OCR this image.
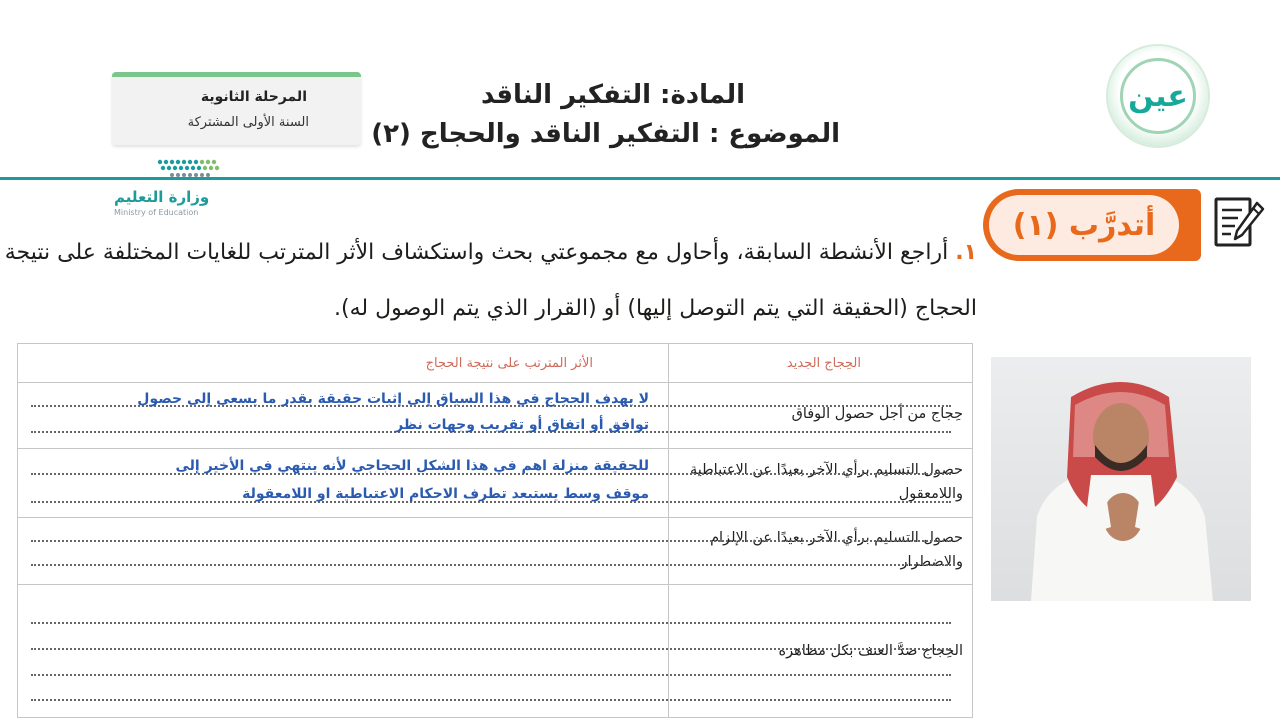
المرحلة الثانوية
السنة الأولى المشتركة
وزارة التعليم
Ministry of Education
المادة: التفكير الناقد
الموضوع : التفكير الناقد والحجاج (٢)
عين
أتدرَّب (١)
١. أراجع الأنشطة السابقة، وأحاول مع مجموعتي بحث واستكشاف الأثر المترتب للغايات المختلفة على نتيجة
الحجاج (الحقيقة التي يتم التوصل إليها) أو (القرار الذي يتم الوصول له).
الحِجاج الجديد
الأثر المترتب على نتيجة الحجاج
حِجاج من أجل حصول الوفاق
لا يهدف الحجاج في هذا السياق إلى إثبات حقيقة بقدر ما يسعى إلى حصول
توافق أو اتفاق أو تقريب وجهات نظر
حصول التسليم برأي الآخر بعيدًا عن الاعتباطية واللامعقول
للحقيقة منزلة اهم في هذا الشكل الحجاجي لأنه ينتهي في الأخير إلى
موقف وسط يستبعد تطرف الاحكام الاعتباطية او اللامعقولة
حصول التسليم برأي الآخر بعيدًا عن الإلزام والاضطرار
الحِجاج ضدَّ العنف بكل مظاهره
